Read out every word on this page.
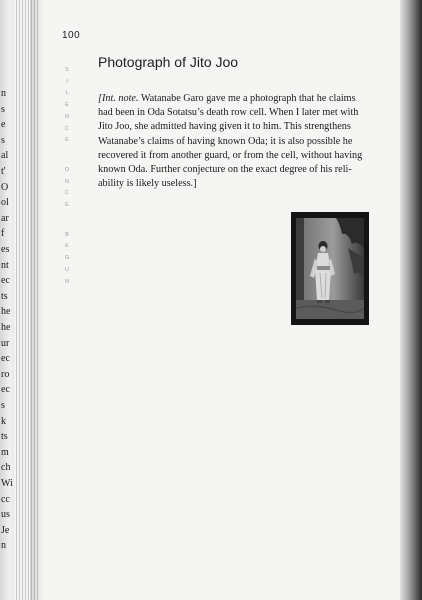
n
s
e
s
al
t'
O
ol
ar
f
es
nt
ec
ts
he
he
ur
ec
ro
ec
s
k
ts
m
ch
Wi
cc
us
Je
n
100
S
I
L
E
N
C
E
O
N
C
E
B
E
G
U
N
Photograph of Jito Joo
[Int. note. Watanabe Garo gave me a photograph that he claims
had been in Oda Sotatsu’s death row cell. When I later met with
Jito Joo, she admitted having given it to him. This strengthens
Watanabe’s claims of having known Oda; it is also possible he
recovered it from another guard, or from the cell, without having
known Oda. Further conjecture on the exact degree of his reli-
ability is likely useless.]
